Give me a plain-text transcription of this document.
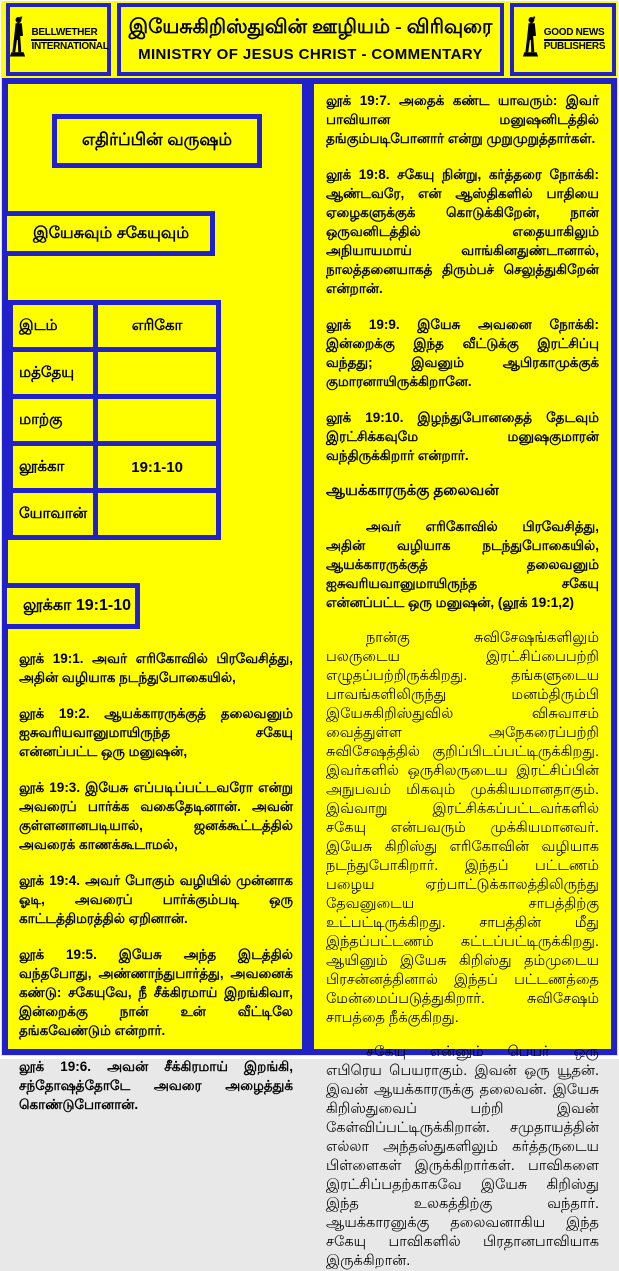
BELLWETHER
INTERNATIONAL
இயேசுகிறிஸ்துவின் ஊழியம் - விரிவுரை
MINISTRY OF JESUS CHRIST - COMMENTARY
GOOD NEWS
PUBLISHERS
எதிர்ப்பின் வருஷம்
இயேசுவும் சகேயுவும்
இடம்	எரிகோ
மத்தேயு	
மாற்கு	
லூக்கா	19:1-10
யோவான்	
லூக்கா 19:1-10

லூக் 19:1. அவர் எரிகோவில் பிரவேசித்து, அதின் வழியாக நடந்துபோகையில்,

லூக் 19:2. ஆயக்காரருக்குத் தலைவனும் ஐசுவரியவானுமாயிருந்த சகேயு என்னப்பட்ட ஒரு மனுஷன்,

லூக் 19:3. இயேசு எப்படிப்பட்டவரோ என்று அவரைப் பார்க்க வகைதேடினான். அவன் குள்ளனானபடியால், ஜனக்கூட்டத்தில் அவரைக் காணக்கூடாமல்,

லூக் 19:4. அவர் போகும் வழியில் முன்னாக ஓடி, அவரைப் பார்க்கும்படி ஒரு காட்டத்திமரத்தில் ஏறினான்.

லூக் 19:5. இயேசு அந்த இடத்தில் வந்தபோது, அண்ணாந்துபார்த்து, அவனைக் கண்டு: சகேயுவே, நீ சீக்கிரமாய் இறங்கிவா, இன்றைக்கு நான் உன் வீட்டிலே தங்கவேண்டும் என்றார்.

லூக் 19:6. அவன் சீக்கிரமாய் இறங்கி, சந்தோஷத்தோடே அவரை அழைத்துக் கொண்டுபோனான்.

லூக் 19:7. அதைக் கண்ட யாவரும்: இவர் பாவியான மனுஷனிடத்தில் தங்கும்படிபோனார் என்று முறுமுறுத்தார்கள்.

லூக் 19:8. சகேயு நின்று, கர்த்தரை நோக்கி: ஆண்டவரே, என் ஆஸ்திகளில் பாதியை ஏழைகளுக்குக் கொடுக்கிறேன், நான் ஒருவனிடத்தில் எதையாகிலும் அநியாயமாய் வாங்கினதுண்டானால், நாலத்தனையாகத் திரும்பச் செலுத்துகிறேன் என்றான்.

லூக் 19:9. இயேசு அவனை நோக்கி: இன்றைக்கு இந்த வீட்டுக்கு இரட்சிப்பு வந்தது; இவனும் ஆபிரகாமுக்குக் குமாரனாயிருக்கிறானே.

லூக் 19:10. இழந்துபோனதைத் தேடவும் இரட்சிக்கவுமே மனுஷகுமாரன் வந்திருக்கிறார் என்றார்.

ஆயக்காரருக்கு தலைவன்

அவர் எரிகோவில் பிரவேசித்து, அதின் வழியாக நடந்துபோகையில், ஆயக்காரருக்குத் தலைவனும் ஐசுவரியவானுமாயிருந்த சகேயு என்னப்பட்ட ஒரு மனுஷன், (லூக் 19:1,2)

நான்கு சுவிசேஷங்களிலும் பலருடைய இரட்சிப்பைபற்றி எழுதப்பற்றிருக்கிறது. தங்களுடைய பாவங்களிலிருந்து மனம்திரும்பி இயேசுகிறிஸ்துவில் விசுவாசம் வைத்துள்ள அநேகரைப்பற்றி சுவிசேஷத்தில் குறிப்பிடப்பட்டிருக்கிறது. இவர்களில் ஒருசிலருடைய இரட்சிப்பின் அநுபவம் மிகவும் முக்கியமானதாகும். இவ்வாறு இரட்சிக்கப்பட்டவர்களில் சகேயு என்பவரும் முக்கியமானவர். இயேசு கிறிஸ்து எரிகோவின் வழியாக நடந்துபோகிறார். இந்தப் பட்டணம் பழைய ஏற்பாட்டுக்காலத்திலிருந்து தேவனுடைய சாபத்திற்கு உட்பட்டிருக்கிறது. சாபத்தின் மீது இந்தப்பட்டணம் கட்டப்பட்டிருக்கிறது. ஆயினும் இயேசு கிறிஸ்து தம்முடைய பிரசன்னத்தினால் இந்தப் பட்டணத்தை மேன்மைப்படுத்துகிறார். சுவிசேஷம் சாபத்தை நீக்குகிறது.

சகேயு என்னும் பெயர் ஒரு எபிரெய பெயராகும். இவன் ஒரு யூதன். இவன் ஆயக்காரருக்கு தலைவன். இயேசு கிறிஸ்துவைப் பற்றி இவன் கேள்விப்பட்டிருக்கிறான். சமுதாயத்தின் எல்லா அந்தஸ்துகளிலும் கர்த்தருடைய பிள்ளைகள் இருக்கிறார்கள். பாவிகளை இரட்சிப்பதற்காகவே இயேசு கிறிஸ்து இந்த உலகத்திற்கு வந்தார். ஆயக்காரனுக்கு தலைவனாகிய இந்த சகேயு பாவிகளில் பிரதானபாவியாக இருக்கிறான்.
